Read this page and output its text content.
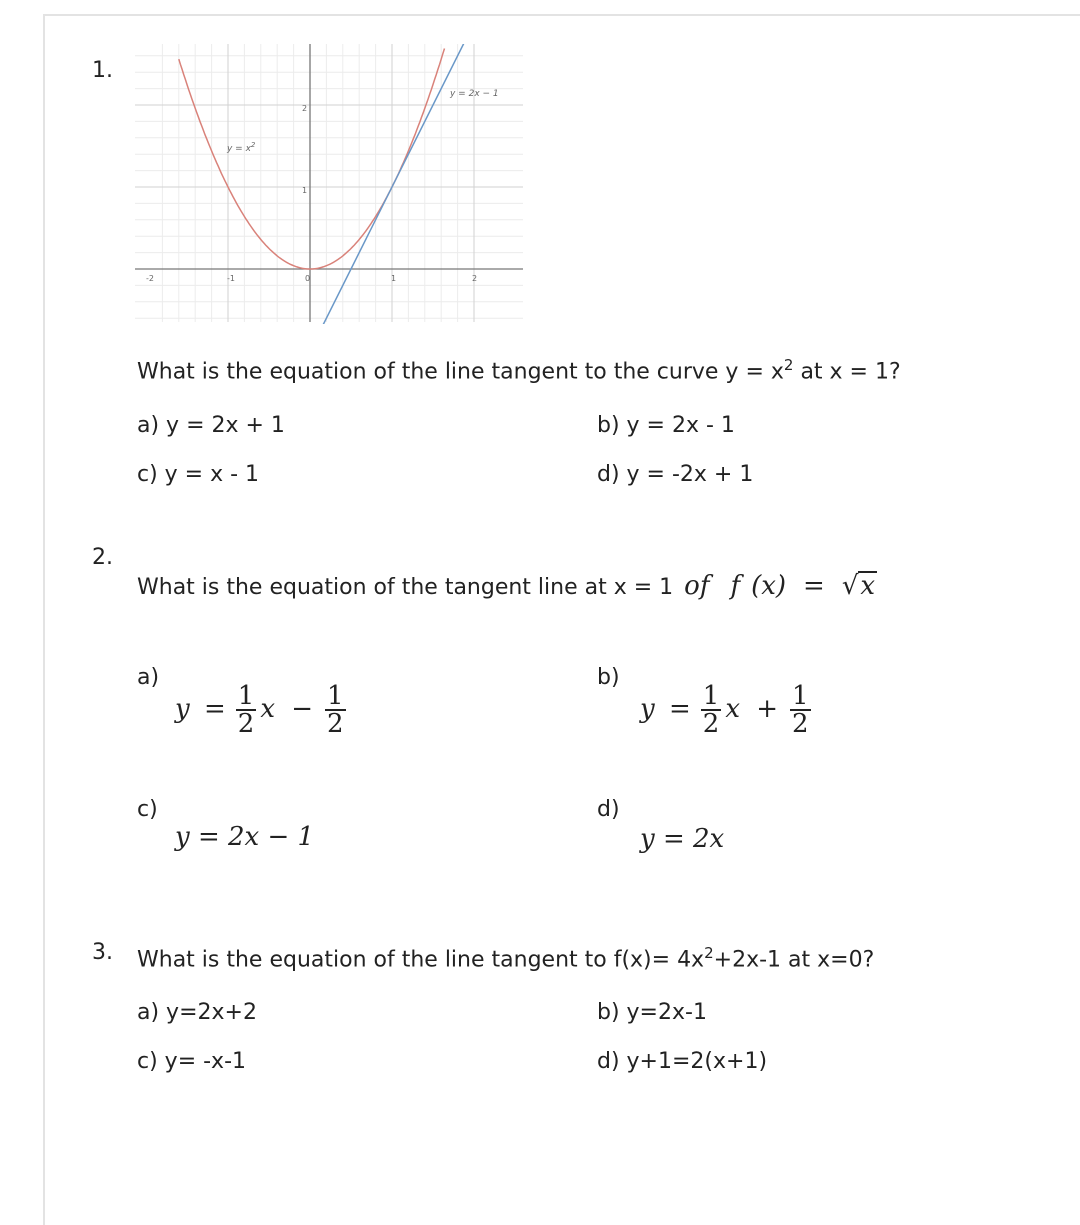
1.
-2	-1	0	1	2
1
2
$y = x^2$
y = 2x − 1
What is the equation of the line tangent to the curve $y = x^2$ at x = 1?
a) y = 2x + 1	b) y = 2x - 1
c) y = x - 1	d) y = -2x + 1
2.
What is the equation of the tangent line at x = 1 of f (x) = √x
a)
$y = \frac{1}{2}$ $x - \frac{1}{2}$
b)
$y = \frac{1}{2}$ $x + \frac{1}{2}$
c)
y = 2x − 1
d)
y = 2x
3. What is the equation of the line tangent to $f(x)= 4x^2+2x-1$ at x=0?
a) y=2x+2	b) y=2x-1
c) y= -x-1	d) y+1=2(x+1)
